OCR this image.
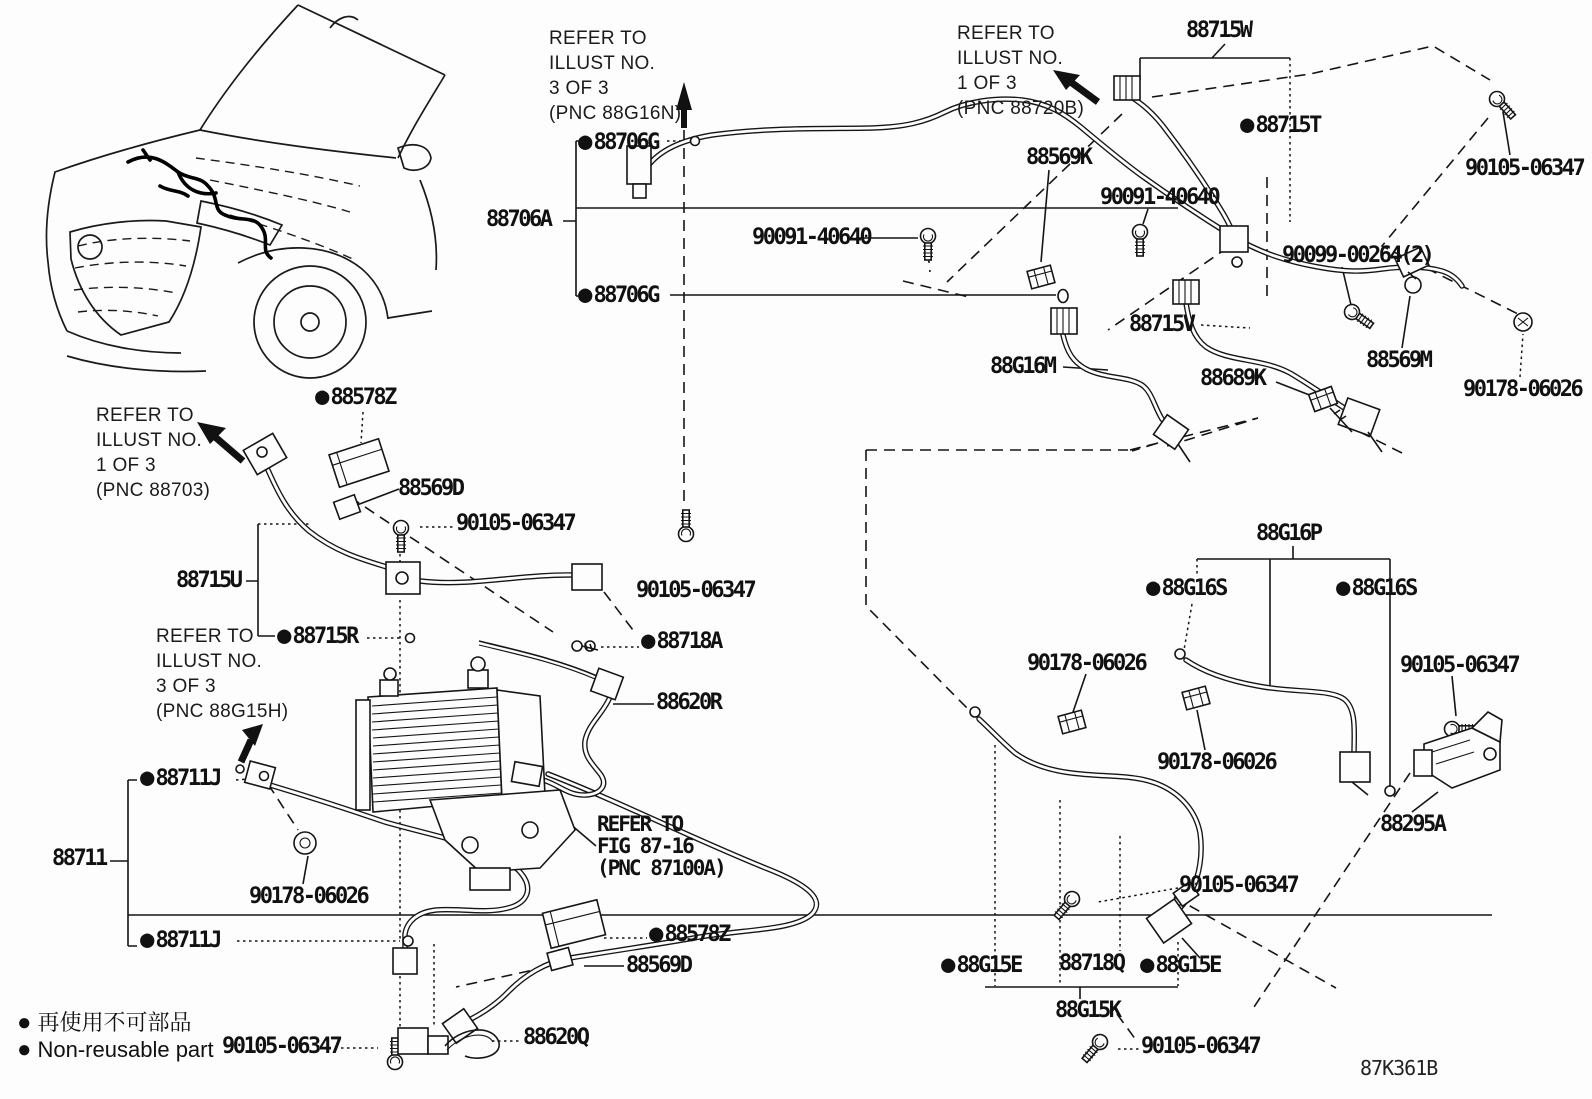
●88706G
88706A
●88706G
90091-40640
88715W
●88715T
90105-06347
88569K
90091-40640
90099-00264(2)
88715V
88G16M	88689K
88569M
90178-06026
88G16P
●88G16S	●88G16S
90178-06026	90105-06347
90178-06026
88295A
90105-06347
●88G15E 88718Q ●88G15E
88G15K
90105-06347
●88578Z
88569D
90105-06347
88715U
●88715R	●88718A
88620R
90105-06347
●88711J
88711
90178-06026
●88711J	●88578Z
88569D
88620Q
90105-06347
REFER TO
ILLUST NO.
3 OF 3
(PNC 88G16N)
REFER TO
ILLUST NO.
1 OF 3
(PNC 88720B)
REFER TO
ILLUST NO.
1 OF 3
(PNC 88703)
REFER TO
ILLUST NO.
3 OF 3
(PNC 88G15H)
REFER TO
FIG 87-16
(PNC 87100A)
● 再使用不可部品
● Non-reusable part
87K361B
